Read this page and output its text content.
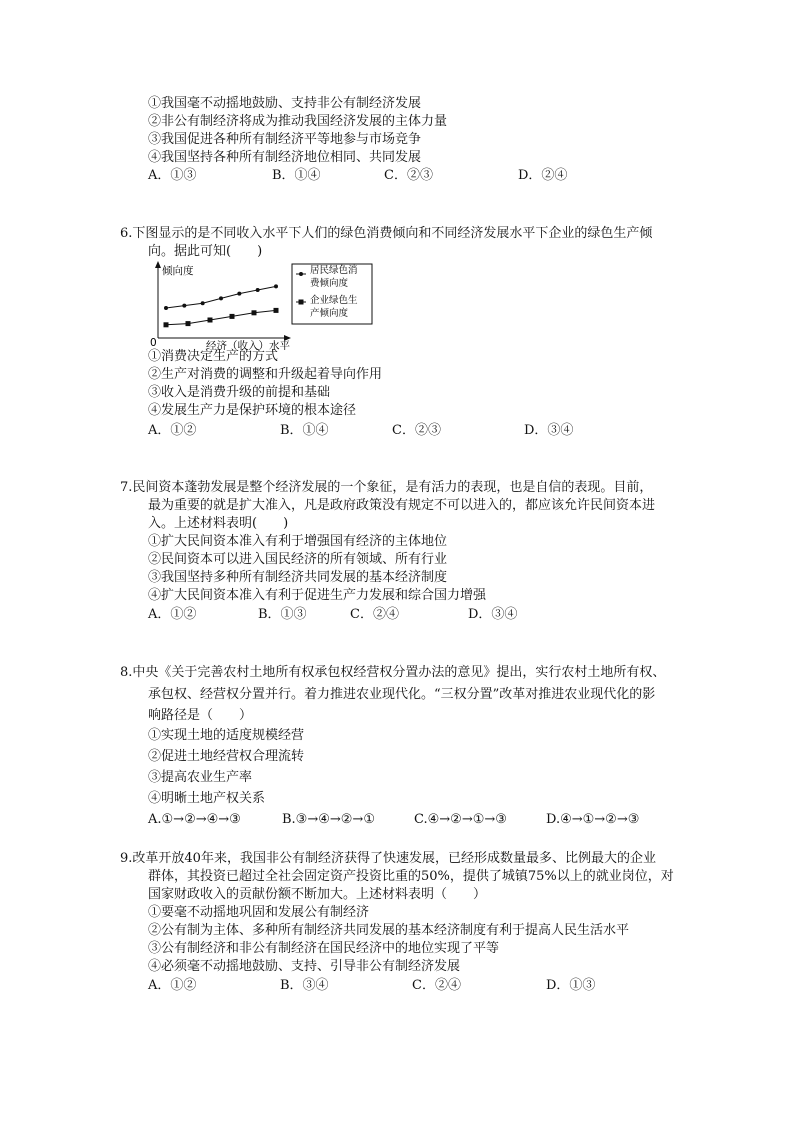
①我国毫不动摇地鼓励、支持非公有制经济发展
②非公有制经济将成为推动我国经济发展的主体力量
③我国促进各种所有制经济平等地参与市场竞争
④我国坚持各种所有制经济地位相同、共同发展
A．①③	B．①④	C．②③	D．②④
6.下图显示的是不同收入水平下人们的绿色消费倾向和不同经济发展水平下企业的绿色生产倾
向。据此可知(　　)
倾向度
0	经济（收入）水平
居民绿色消
费倾向度
企业绿色生
产倾向度
①消费决定生产的方式
②生产对消费的调整和升级起着导向作用
③收入是消费升级的前提和基础
④发展生产力是保护环境的根本途径
A．①②	B．①④	C．②③	D．③④
7.民间资本蓬勃发展是整个经济发展的一个象征，是有活力的表现，也是自信的表现。目前，
最为重要的就是扩大准入，凡是政府政策没有规定不可以进入的，都应该允许民间资本进
入。上述材料表明(　　)
①扩大民间资本准入有利于增强国有经济的主体地位
②民间资本可以进入国民经济的所有领域、所有行业
③我国坚持多种所有制经济共同发展的基本经济制度
④扩大民间资本准入有利于促进生产力发展和综合国力增强
A．①②	B．①③	C．②④	D．③④
8.中央《关于完善农村土地所有权承包权经营权分置办法的意见》提出，实行农村土地所有权、
承包权、经营权分置并行。着力推进农业现代化。“三权分置”改革对推进农业现代化的影
响路径是（　　）
①实现土地的适度规模经营
②促进土地经营权合理流转
③提高农业生产率
④明晰土地产权关系
A.①→②→④→③	B.③→④→②→①	C.④→②→①→③	D.④→①→②→③
9.改革开放40年来，我国非公有制经济获得了快速发展，已经形成数量最多、比例最大的企业
群体，其投资已超过全社会固定资产投资比重的50%，提供了城镇75%以上的就业岗位，对
国家财政收入的贡献份额不断加大。上述材料表明（　　）
①要毫不动摇地巩固和发展公有制经济
②公有制为主体、多种所有制经济共同发展的基本经济制度有利于提高人民生活水平
③公有制经济和非公有制经济在国民经济中的地位实现了平等
④必须毫不动摇地鼓励、支持、引导非公有制经济发展
A．①②	B．③④	C．②④	D．①③
